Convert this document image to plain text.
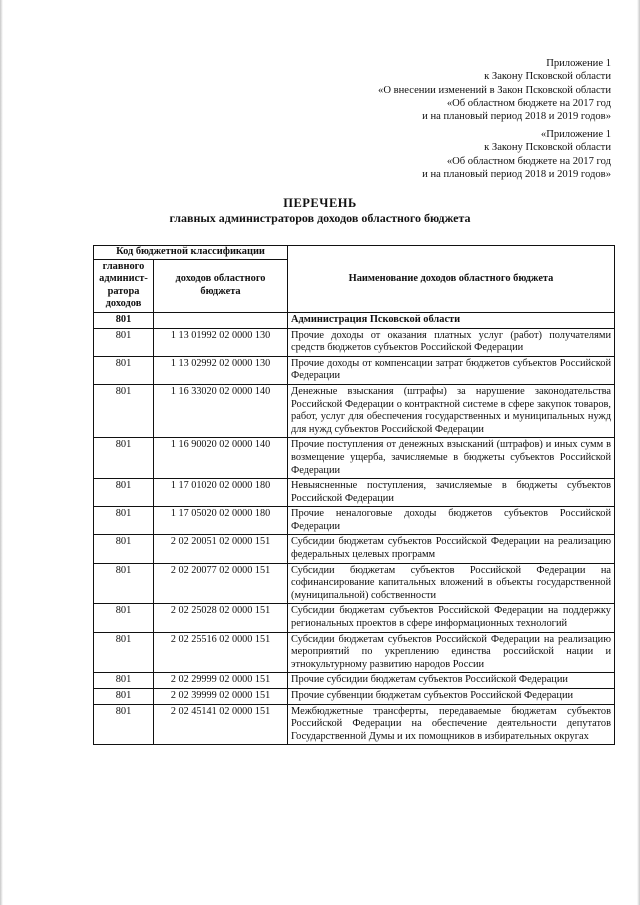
Приложение 1
к Закону Псковской области
«О внесении изменений в Закон Псковской области
«Об областном бюджете на 2017 год
и на плановый период 2018 и 2019 годов»
«Приложение 1
к Закону Псковской области
«Об областном бюджете на 2017 год
и на плановый период 2018 и 2019 годов»
ПЕРЕЧЕНЬ
главных администраторов доходов областного бюджета
Код бюджетной классификации		Наименование доходов областного бюджета
главного админист-ратора доходов	доходов областного бюджета	
801		Администрация Псковской области
801	1 13 01992 02 0000 130	Прочие доходы от оказания платных услуг (работ) получателями средств бюджетов субъектов Российской Федерации
801	1 13 02992 02 0000 130	Прочие доходы от компенсации затрат бюджетов субъектов Российской Федерации
801	1 16 33020 02 0000 140	Денежные взыскания (штрафы) за нарушение законодательства Российской Федерации о контрактной системе в сфере закупок товаров, работ, услуг для обеспечения государственных и муниципальных нужд для нужд субъектов Российской Федерации
801	1 16 90020 02 0000 140	Прочие поступления от денежных взысканий (штрафов) и иных сумм в возмещение ущерба, зачисляемые в бюджеты субъектов Российской Федерации
801	1 17 01020 02 0000 180	Невыясненные поступления, зачисляемые в бюджеты субъектов Российской Федерации
801	1 17 05020 02 0000 180	Прочие неналоговые доходы бюджетов субъектов Российской Федерации
801	2 02 20051 02 0000 151	Субсидии бюджетам субъектов Российской Федерации на реализацию федеральных целевых программ
801	2 02 20077 02 0000 151	Субсидии бюджетам субъектов Российской Федерации на софинансирование капитальных вложений в объекты государственной (муниципальной) собственности
801	2 02 25028 02 0000 151	Субсидии бюджетам субъектов Российской Федерации на поддержку региональных проектов в сфере информационных технологий
801	2 02 25516 02 0000 151	Субсидии бюджетам субъектов Российской Федерации на реализацию мероприятий по укреплению единства российской нации и этнокультурному развитию народов России
801	2 02 29999 02 0000 151	Прочие субсидии бюджетам субъектов Российской Федерации
801	2 02 39999 02 0000 151	Прочие субвенции бюджетам субъектов Российской Федерации
801	2 02 45141 02 0000 151	Межбюджетные трансферты, передаваемые бюджетам субъектов Российской Федерации на обеспечение деятельности депутатов Государственной Думы и их помощников в избирательных округах
